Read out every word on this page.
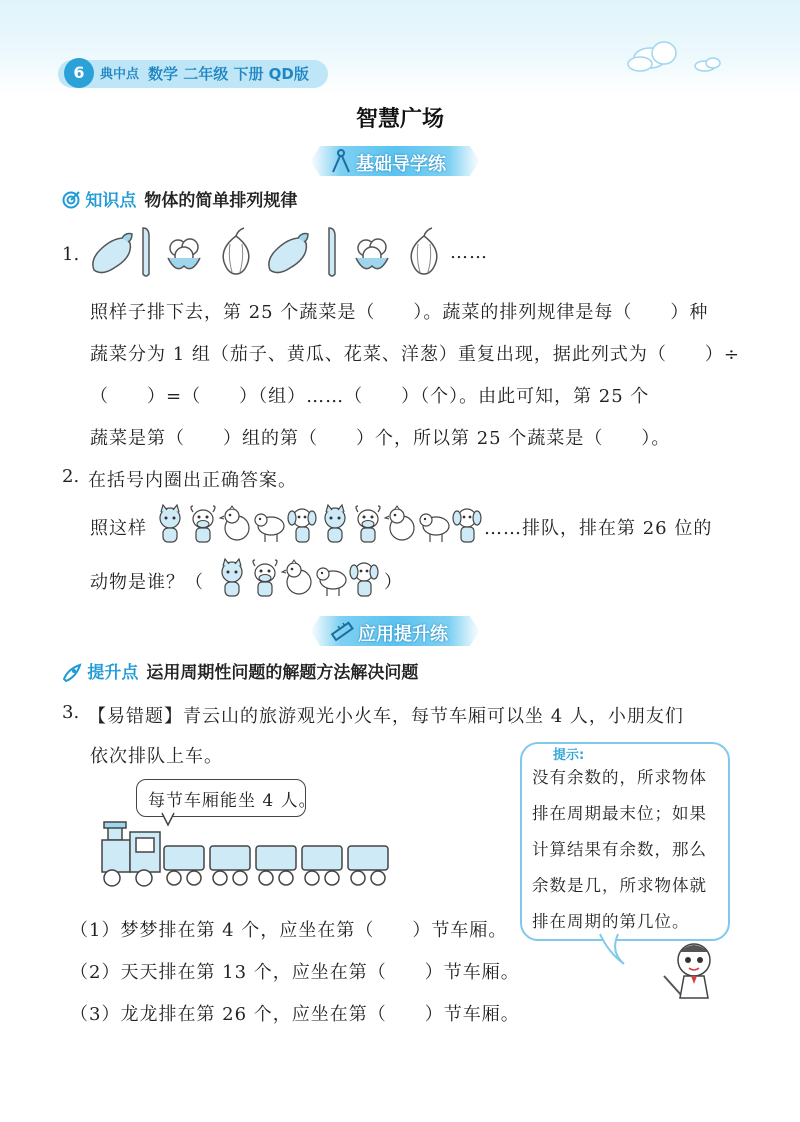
6	典中点 数学 二年级 下册 QD版
智慧广场
基础导学练
知识点 物体的简单排列规律
1.	……
照样子排下去，第 25 个蔬菜是（　　）。蔬菜的排列规律是每（　　）种
蔬菜分为 1 组（茄子、黄瓜、花菜、洋葱）重复出现，据此列式为（　　）÷
（　　）=（　　）（组）……（　　）（个）。由此可知，第 25 个
蔬菜是第（　　）组的第（　　）个，所以第 25 个蔬菜是（　　）。
2. 在括号内圈出正确答案。
照这样	……排队，排在第 26 位的
动物是谁？（	）
应用提升练
提升点 运用周期性问题的解题方法解决问题
3. 【易错题】青云山的旅游观光小火车，每节车厢可以坐 4 人，小朋友们
依次排队上车。
每节车厢能坐 4 人。
提示:
没有余数的，所求物体
排在周期最末位；如果
计算结果有余数，那么
余数是几，所求物体就
排在周期的第几位。
（1）梦梦排在第 4 个，应坐在第（　　）节车厢。
（2）天天排在第 13 个，应坐在第（　　）节车厢。
（3）龙龙排在第 26 个，应坐在第（　　）节车厢。
